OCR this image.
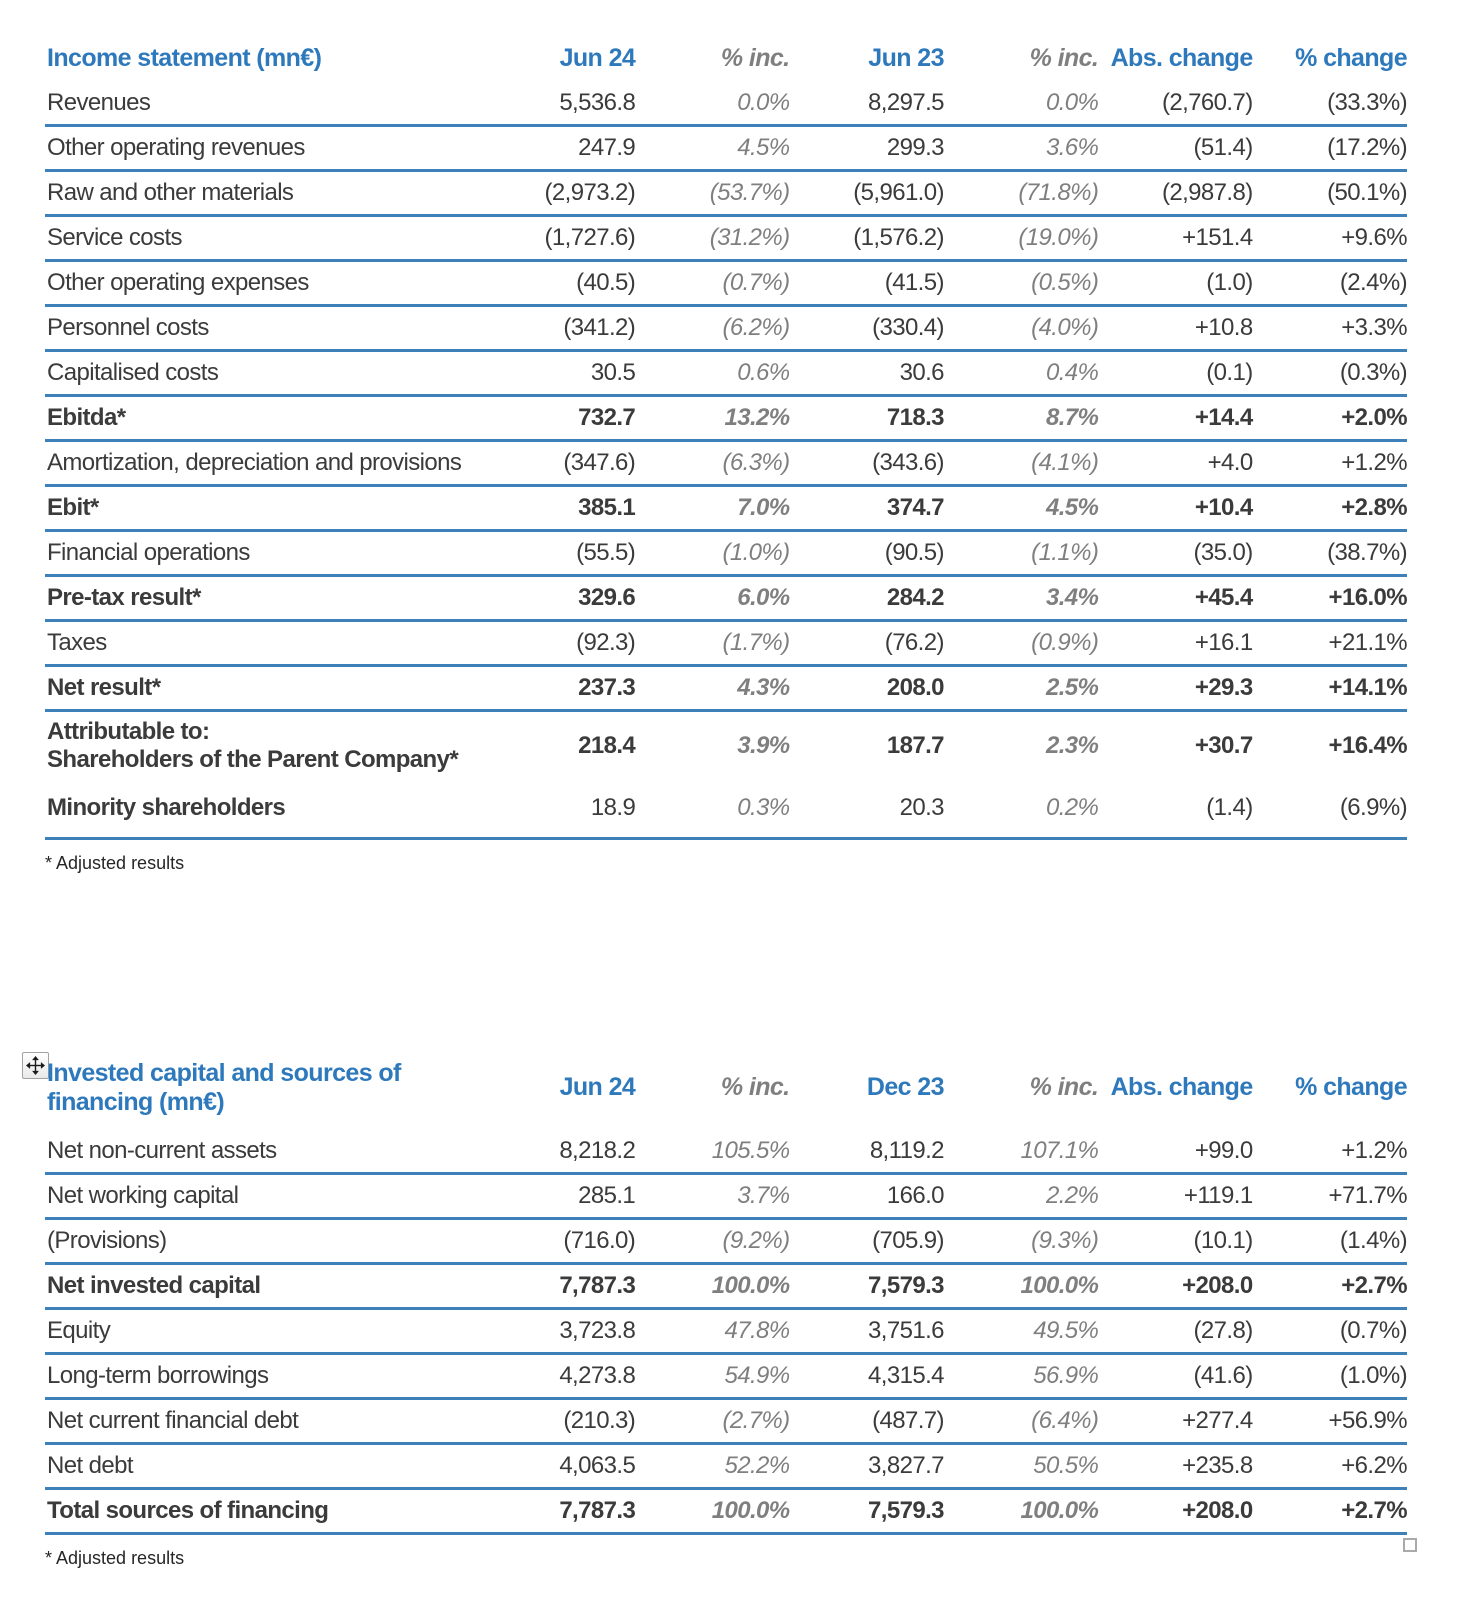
Income statement (mn€)	Jun 24	% inc.	Jun 23	% inc. Abs. change	% change
Revenues	5,536.8	0.0%	8,297.5	0.0%	(2,760.7)	(33.3%)
Other operating revenues	247.9	4.5%	299.3	3.6%	(51.4)	(17.2%)
Raw and other materials	(2,973.2)	(53.7%)	(5,961.0)	(71.8%)	(2,987.8)	(50.1%)
Service costs	(1,727.6)	(31.2%)	(1,576.2)	(19.0%)	+151.4	+9.6%
Other operating expenses	(40.5)	(0.7%)	(41.5)	(0.5%)	(1.0)	(2.4%)
Personnel costs	(341.2)	(6.2%)	(330.4)	(4.0%)	+10.8	+3.3%
Capitalised costs	30.5	0.6%	30.6	0.4%	(0.1)	(0.3%)
Ebitda*	732.7	13.2%	718.3	8.7%	+14.4	+2.0%
Amortization, depreciation and provisions	(347.6)	(6.3%)	(343.6)	(4.1%)	+4.0	+1.2%
Ebit*	385.1	7.0%	374.7	4.5%	+10.4	+2.8%
Financial operations	(55.5)	(1.0%)	(90.5)	(1.1%)	(35.0)	(38.7%)
Pre-tax result*	329.6	6.0%	284.2	3.4%	+45.4	+16.0%
Taxes	(92.3)	(1.7%)	(76.2)	(0.9%)	+16.1	+21.1%
Net result*	237.3	4.3%	208.0	2.5%	+29.3	+14.1%
Attributable to:
Shareholders of the Parent Company*
218.4	3.9%	187.7	2.3%	+30.7	+16.4%
Minority shareholders	18.9	0.3%	20.3	0.2%	(1.4)	(6.9%)
* Adjusted results
Invested capital and sources of
financing (mn€)
Jun 24	% inc.	Dec 23	% inc. Abs. change	% change
Net non-current assets	8,218.2	105.5%	8,119.2	107.1%	+99.0	+1.2%
Net working capital	285.1	3.7%	166.0	2.2%	+119.1	+71.7%
(Provisions)	(716.0)	(9.2%)	(705.9)	(9.3%)	(10.1)	(1.4%)
Net invested capital	7,787.3	100.0%	7,579.3	100.0%	+208.0	+2.7%
Equity	3,723.8	47.8%	3,751.6	49.5%	(27.8)	(0.7%)
Long-term borrowings	4,273.8	54.9%	4,315.4	56.9%	(41.6)	(1.0%)
Net current financial debt	(210.3)	(2.7%)	(487.7)	(6.4%)	+277.4	+56.9%
Net debt	4,063.5	52.2%	3,827.7	50.5%	+235.8	+6.2%
Total sources of financing	7,787.3	100.0%	7,579.3	100.0%	+208.0	+2.7%
* Adjusted results
